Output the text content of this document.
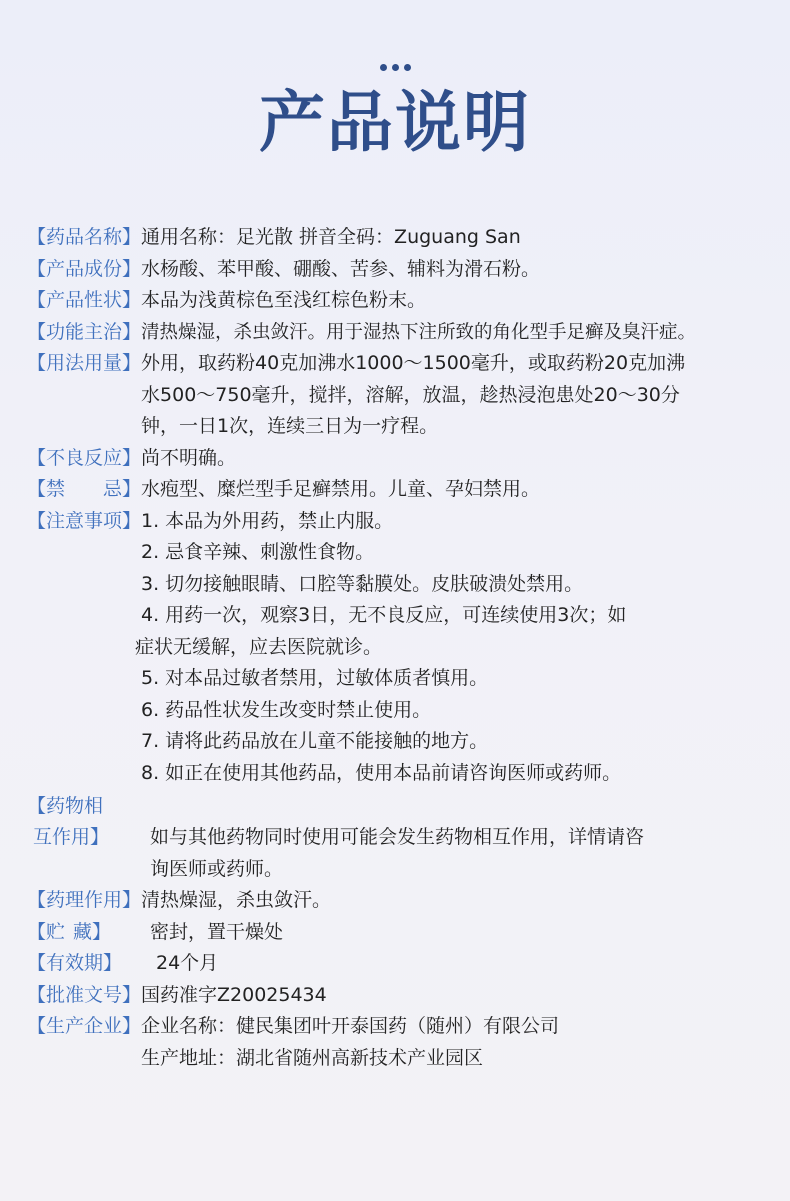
产品说明
【药品名称】 通用名称：足光散 拼音全码：Zuguang San
【产品成份】 水杨酸、苯甲酸、硼酸、苦参、辅料为滑石粉。
【产品性状】 本品为浅黄棕色至浅红棕色粉末。
【功能主治】 清热燥湿，杀虫敛汗。用于湿热下注所致的角化型手足癣及臭汗症。
【用法用量】 外用，取药粉40克加沸水1000～1500毫升，或取药粉20克加沸
水500～750毫升，搅拌，溶解，放温，趁热浸泡患处20～30分
钟，一日1次，连续三日为一疗程。
【不良反应】 尚不明确。
【禁 忌】 水疱型、糜烂型手足癣禁用。儿童、孕妇禁用。
【注意事项】 1. 本品为外用药，禁止内服。
2. 忌食辛辣、刺激性食物。
3. 切勿接触眼睛、口腔等黏膜处。皮肤破溃处禁用。
4. 用药一次，观察3日，无不良反应，可连续使用3次；如
症状无缓解，应去医院就诊。
5. 对本品过敏者禁用，过敏体质者慎用。
6. 药品性状发生改变时禁止使用。
7. 请将此药品放在儿童不能接触的地方。
8. 如正在使用其他药品，使用本品前请咨询医师或药师。
【药物相
互作用】	如与其他药物同时使用可能会发生药物相互作用，详情请咨
询医师或药师。
【药理作用】 清热燥湿，杀虫敛汗。
【贮 藏】	密封，置干燥处
【有效期】	24个月
【批准文号】 国药准字Z20025434
【生产企业】 企业名称：健民集团叶开泰国药（随州）有限公司
生产地址：湖北省随州高新技术产业园区
